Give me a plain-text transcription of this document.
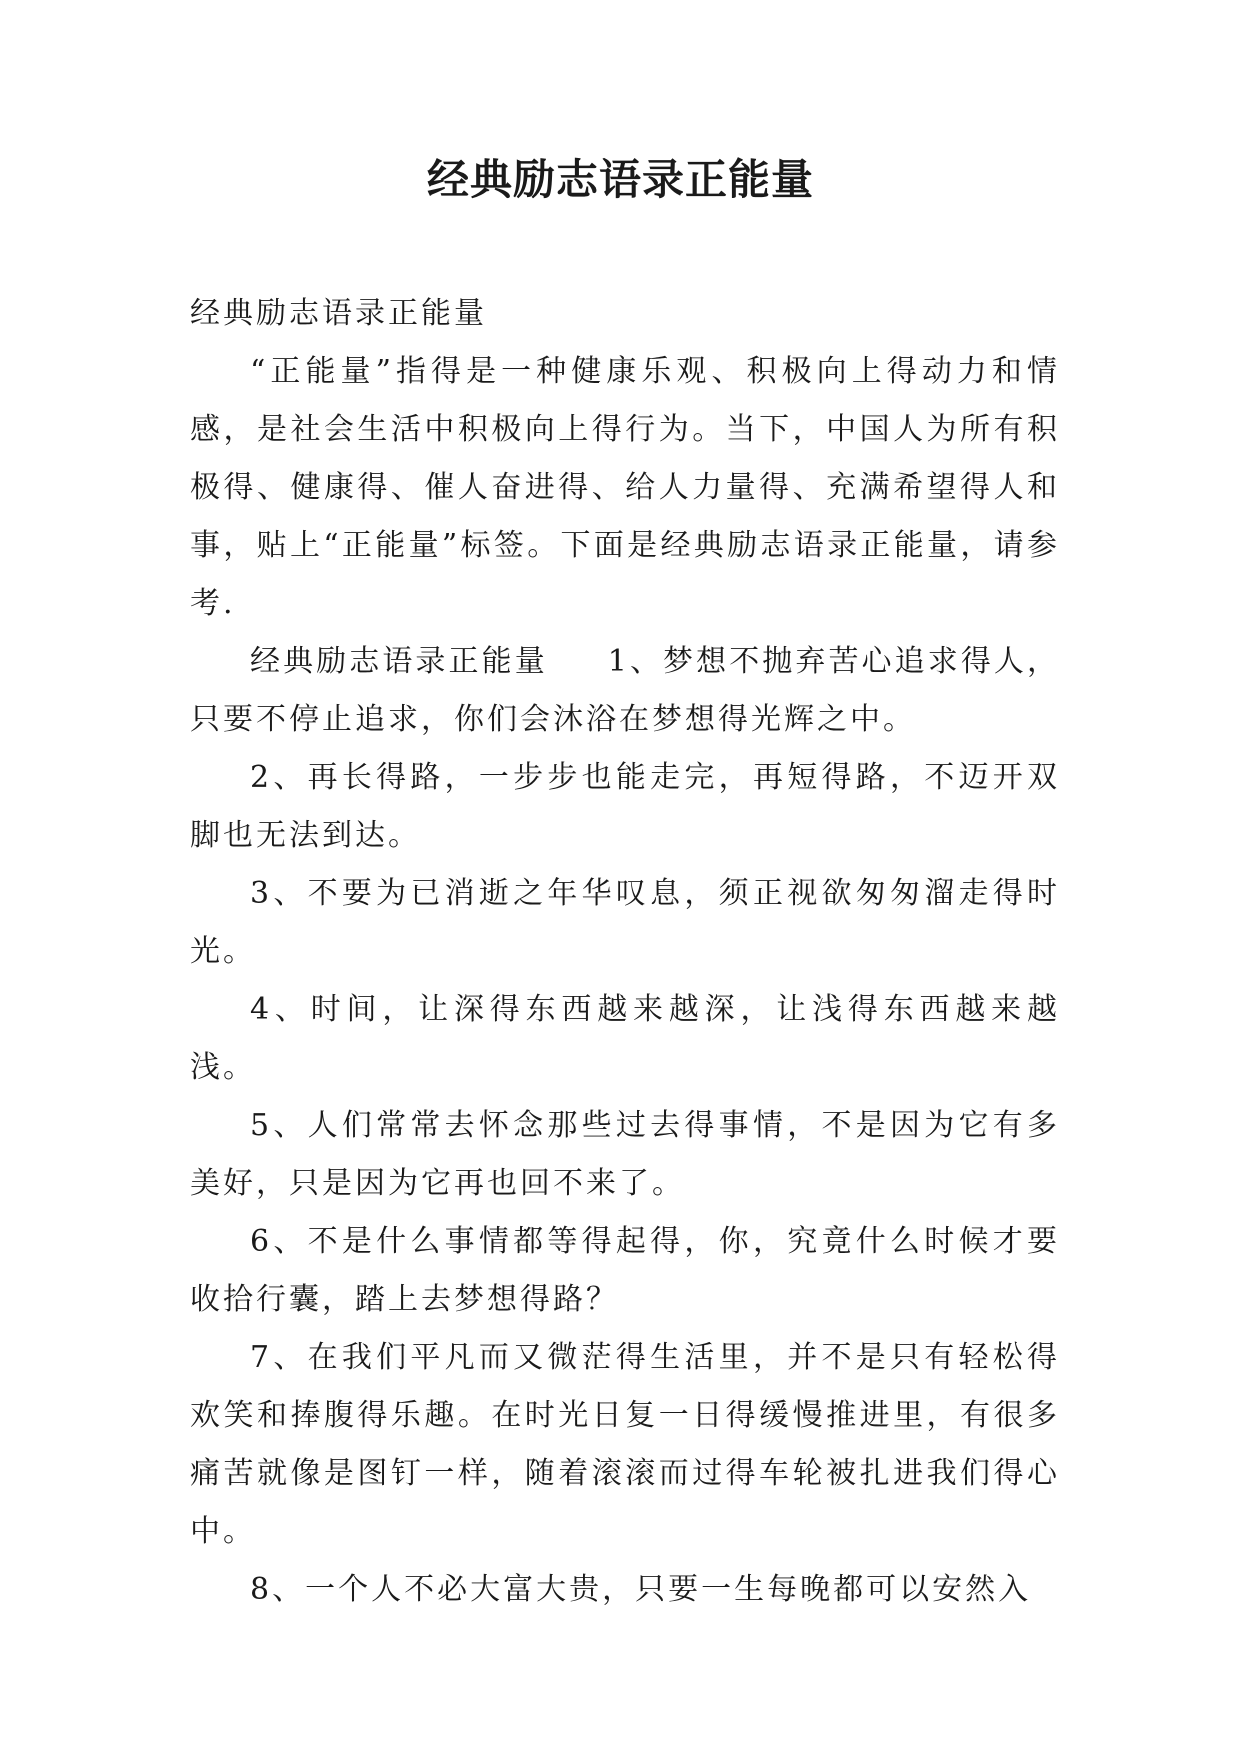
经典励志语录正能量

经典励志语录正能量

“正能量”指得是一种健康乐观、积极向上得动力和情感，是社会生活中积极向上得行为。当下，中国人为所有积极得、健康得、催人奋进得、给人力量得、充满希望得人和事，贴上“正能量”标签。下面是经典励志语录正能量，请参考.

经典励志语录正能量 1、梦想不抛弃苦心追求得人，只要不停止追求，你们会沐浴在梦想得光辉之中。

2、再长得路，一步步也能走完，再短得路，不迈开双脚也无法到达。

3、不要为已消逝之年华叹息，须正视欲匆匆溜走得时光。

4、时间，让深得东西越来越深，让浅得东西越来越浅。

5、人们常常去怀念那些过去得事情，不是因为它有多美好，只是因为它再也回不来了。

6、不是什么事情都等得起得，你，究竟什么时候才要收拾行囊，踏上去梦想得路？

7、在我们平凡而又微茫得生活里，并不是只有轻松得欢笑和捧腹得乐趣。在时光日复一日得缓慢推进里，有很多痛苦就像是图钉一样，随着滚滚而过得车轮被扎进我们得心中。

8、一个人不必大富大贵，只要一生每晚都可以安然入
